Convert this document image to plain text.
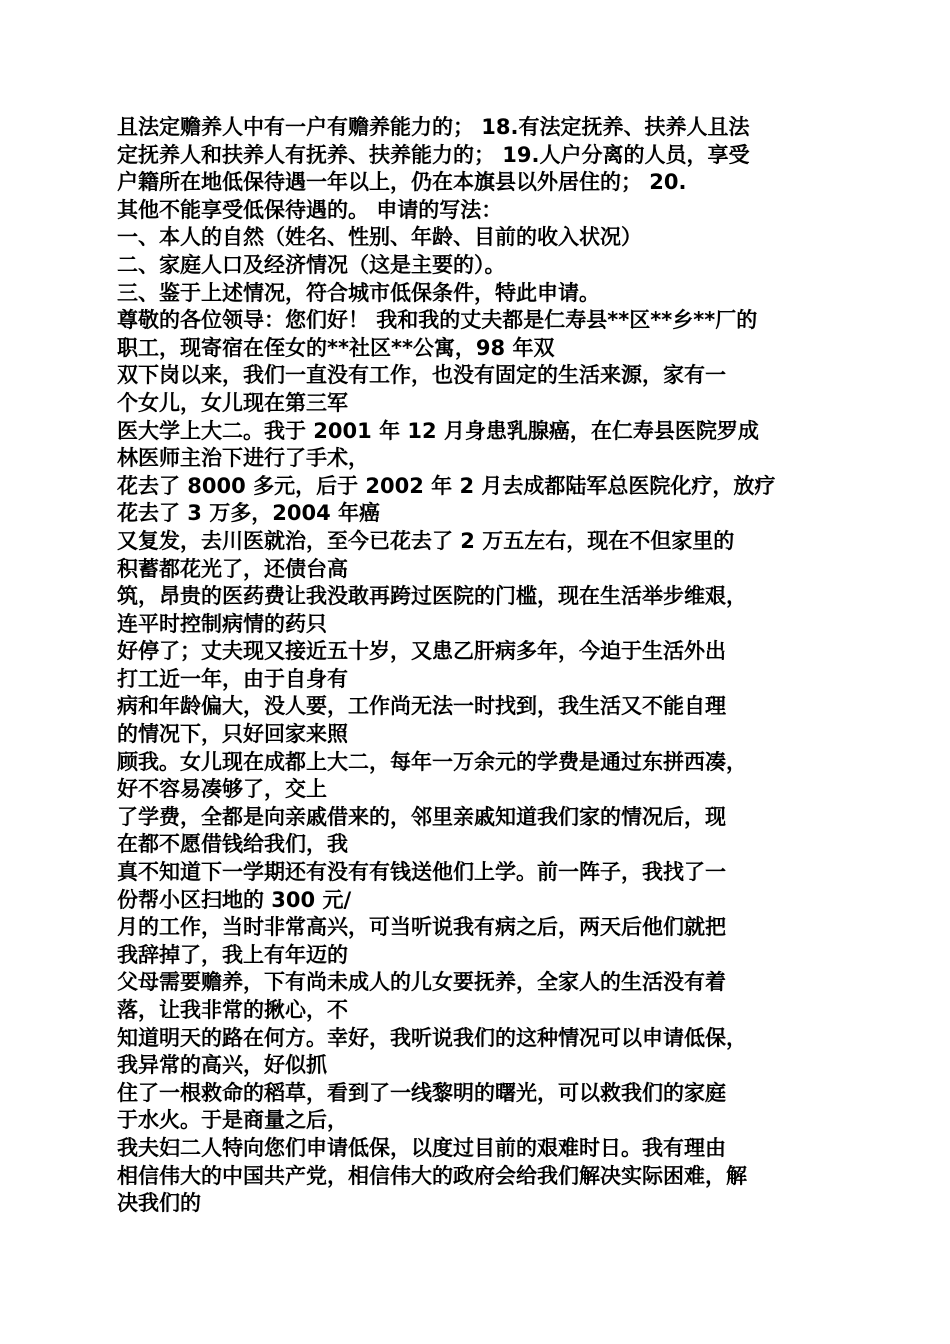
且法定赡养人中有一户有赡养能力的； 18.有法定抚养、扶养人且法
定抚养人和扶养人有抚养、扶养能力的； 19.人户分离的人员，享受
户籍所在地低保待遇一年以上，仍在本旗县以外居住的； 20.
其他不能享受低保待遇的。 申请的写法：
一、本人的自然（姓名、性别、年龄、目前的收入状况）
二、家庭人口及经济情况（这是主要的）。
三、鉴于上述情况，符合城市低保条件，特此申请。
尊敬的各位领导：您们好！ 我和我的丈夫都是仁寿县**区**乡**厂的
职工，现寄宿在侄女的**社区**公寓，98 年双
双下岗以来，我们一直没有工作，也没有固定的生活来源，家有一
个女儿，女儿现在第三军
医大学上大二。我于 2001 年 12 月身患乳腺癌，在仁寿县医院罗成
林医师主治下进行了手术，
花去了 8000 多元，后于 2002 年 2 月去成都陆军总医院化疗，放疗
花去了 3 万多，2004 年癌
又复发，去川医就治，至今已花去了 2 万五左右，现在不但家里的
积蓄都花光了，还债台高
筑，昂贵的医药费让我没敢再跨过医院的门槛，现在生活举步维艰，
连平时控制病情的药只
好停了；丈夫现又接近五十岁，又患乙肝病多年，今迫于生活外出
打工近一年，由于自身有
病和年龄偏大，没人要，工作尚无法一时找到，我生活又不能自理
的情况下，只好回家来照
顾我。女儿现在成都上大二，每年一万余元的学费是通过东拼西凑，
好不容易凑够了，交上
了学费，全都是向亲戚借来的，邻里亲戚知道我们家的情况后，现
在都不愿借钱给我们，我
真不知道下一学期还有没有有钱送他们上学。前一阵子，我找了一
份帮小区扫地的 300 元/
月的工作，当时非常高兴，可当听说我有病之后，两天后他们就把
我辞掉了，我上有年迈的
父母需要赡养，下有尚未成人的儿女要抚养，全家人的生活没有着
落，让我非常的揪心，不
知道明天的路在何方。幸好，我听说我们的这种情况可以申请低保，
我异常的高兴，好似抓
住了一根救命的稻草，看到了一线黎明的曙光，可以救我们的家庭
于水火。于是商量之后，
我夫妇二人特向您们申请低保，以度过目前的艰难时日。我有理由
相信伟大的中国共产党，相信伟大的政府会给我们解决实际困难，解
决我们的
